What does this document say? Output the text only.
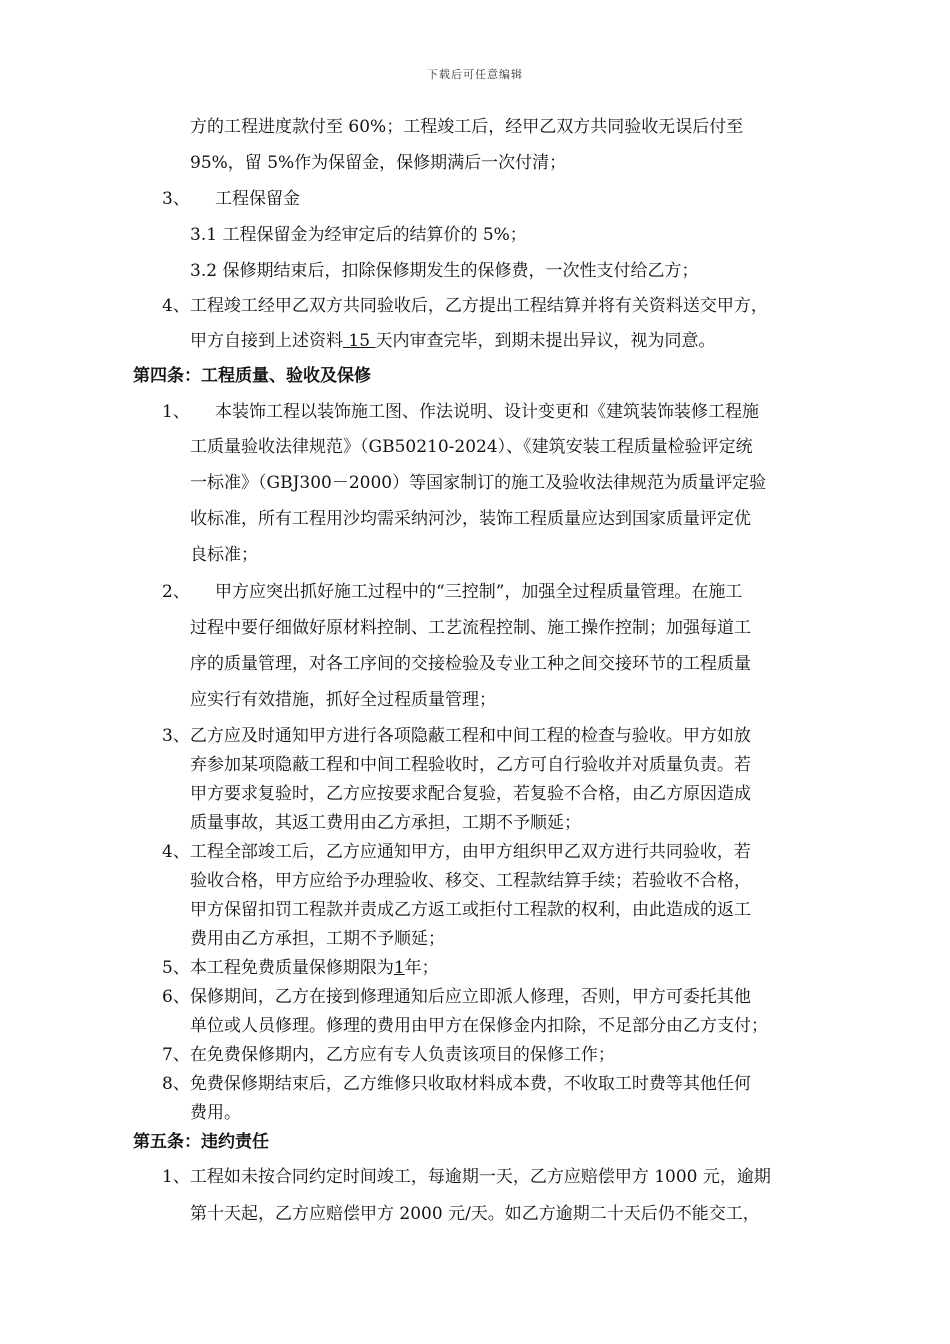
下载后可任意编辑
方的工程进度款付至 60%；工程竣工后，经甲乙双方共同验收无误后付至
95%，留 5%作为保留金，保修期满后一次付清；
3、 工程保留金
3.1 工程保留金为经审定后的结算价的 5%；
3.2 保修期结束后，扣除保修期发生的保修费，一次性支付给乙方；
4、工程竣工经甲乙双方共同验收后，乙方提出工程结算并将有关资料送交甲方，
甲方自接到上述资料 15 天内审查完毕，到期未提出异议，视为同意。
第四条：工程质量、验收及保修
1、 本装饰工程以装饰施工图、作法说明、设计变更和《建筑装饰装修工程施
工质量验收法律规范》（GB50210-2024）、《建筑安装工程质量检验评定统
一标准》（GBJ300－2000）等国家制订的施工及验收法律规范为质量评定验
收标准，所有工程用沙均需采纳河沙，装饰工程质量应达到国家质量评定优
良标准；
2、 甲方应突出抓好施工过程中的“三控制”，加强全过程质量管理。在施工
过程中要仔细做好原材料控制、工艺流程控制、施工操作控制；加强每道工
序的质量管理，对各工序间的交接检验及专业工种之间交接环节的工程质量
应实行有效措施，抓好全过程质量管理；
3、乙方应及时通知甲方进行各项隐蔽工程和中间工程的检查与验收。甲方如放
弃参加某项隐蔽工程和中间工程验收时，乙方可自行验收并对质量负责。若
甲方要求复验时，乙方应按要求配合复验，若复验不合格，由乙方原因造成
质量事故，其返工费用由乙方承担，工期不予顺延；
4、工程全部竣工后，乙方应通知甲方，由甲方组织甲乙双方进行共同验收，若
验收合格，甲方应给予办理验收、移交、工程款结算手续；若验收不合格，
甲方保留扣罚工程款并责成乙方返工或拒付工程款的权利，由此造成的返工
费用由乙方承担，工期不予顺延；
5、本工程免费质量保修期限为1年；
6、保修期间，乙方在接到修理通知后应立即派人修理，否则，甲方可委托其他
单位或人员修理。修理的费用由甲方在保修金内扣除，不足部分由乙方支付；
7、在免费保修期内，乙方应有专人负责该项目的保修工作；
8、免费保修期结束后，乙方维修只收取材料成本费，不收取工时费等其他任何
费用。
第五条：违约责任
1、工程如未按合同约定时间竣工，每逾期一天，乙方应赔偿甲方 1000 元，逾期
第十天起，乙方应赔偿甲方 2000 元/天。如乙方逾期二十天后仍不能交工，
